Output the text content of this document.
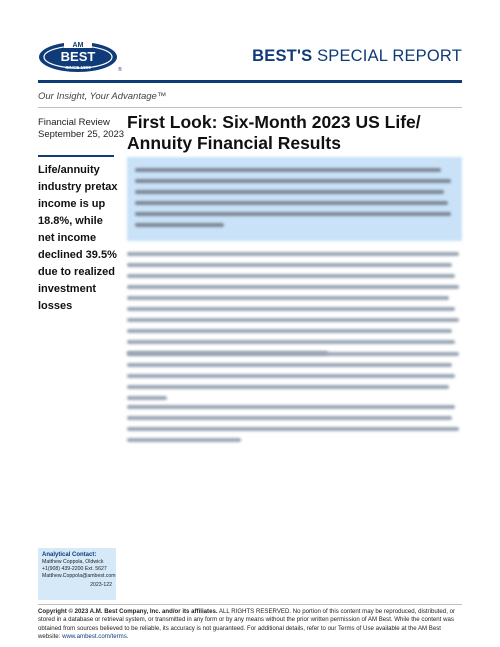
AM
BEST
SINCE 1899	®
BEST'S SPECIAL REPORT
Our Insight, Your Advantage™
Financial Review
September 25, 2023
First Look: Six-Month 2023 US Life/ Annuity Financial Results
Life/annuity industry pretax income is up 18.8%, while net income declined 39.5% due to realized investment losses
Analytical Contact:
Matthew Coppola, Oldwick
+1(908) 439-2200 Ext. 5627
Matthew.Coppola@ambest.com
2023-122
Copyright © 2023 A.M. Best Company, Inc. and/or its affiliates. ALL RIGHTS RESERVED. No portion of this content may be reproduced, distributed, or stored in a database or retrieval system, or transmitted in any form or by any means without the prior written permission of AM Best. While the content was obtained from sources believed to be reliable, its accuracy is not guaranteed. For additional details, refer to our Terms of Use available at the AM Best website: www.ambest.com/terms.
